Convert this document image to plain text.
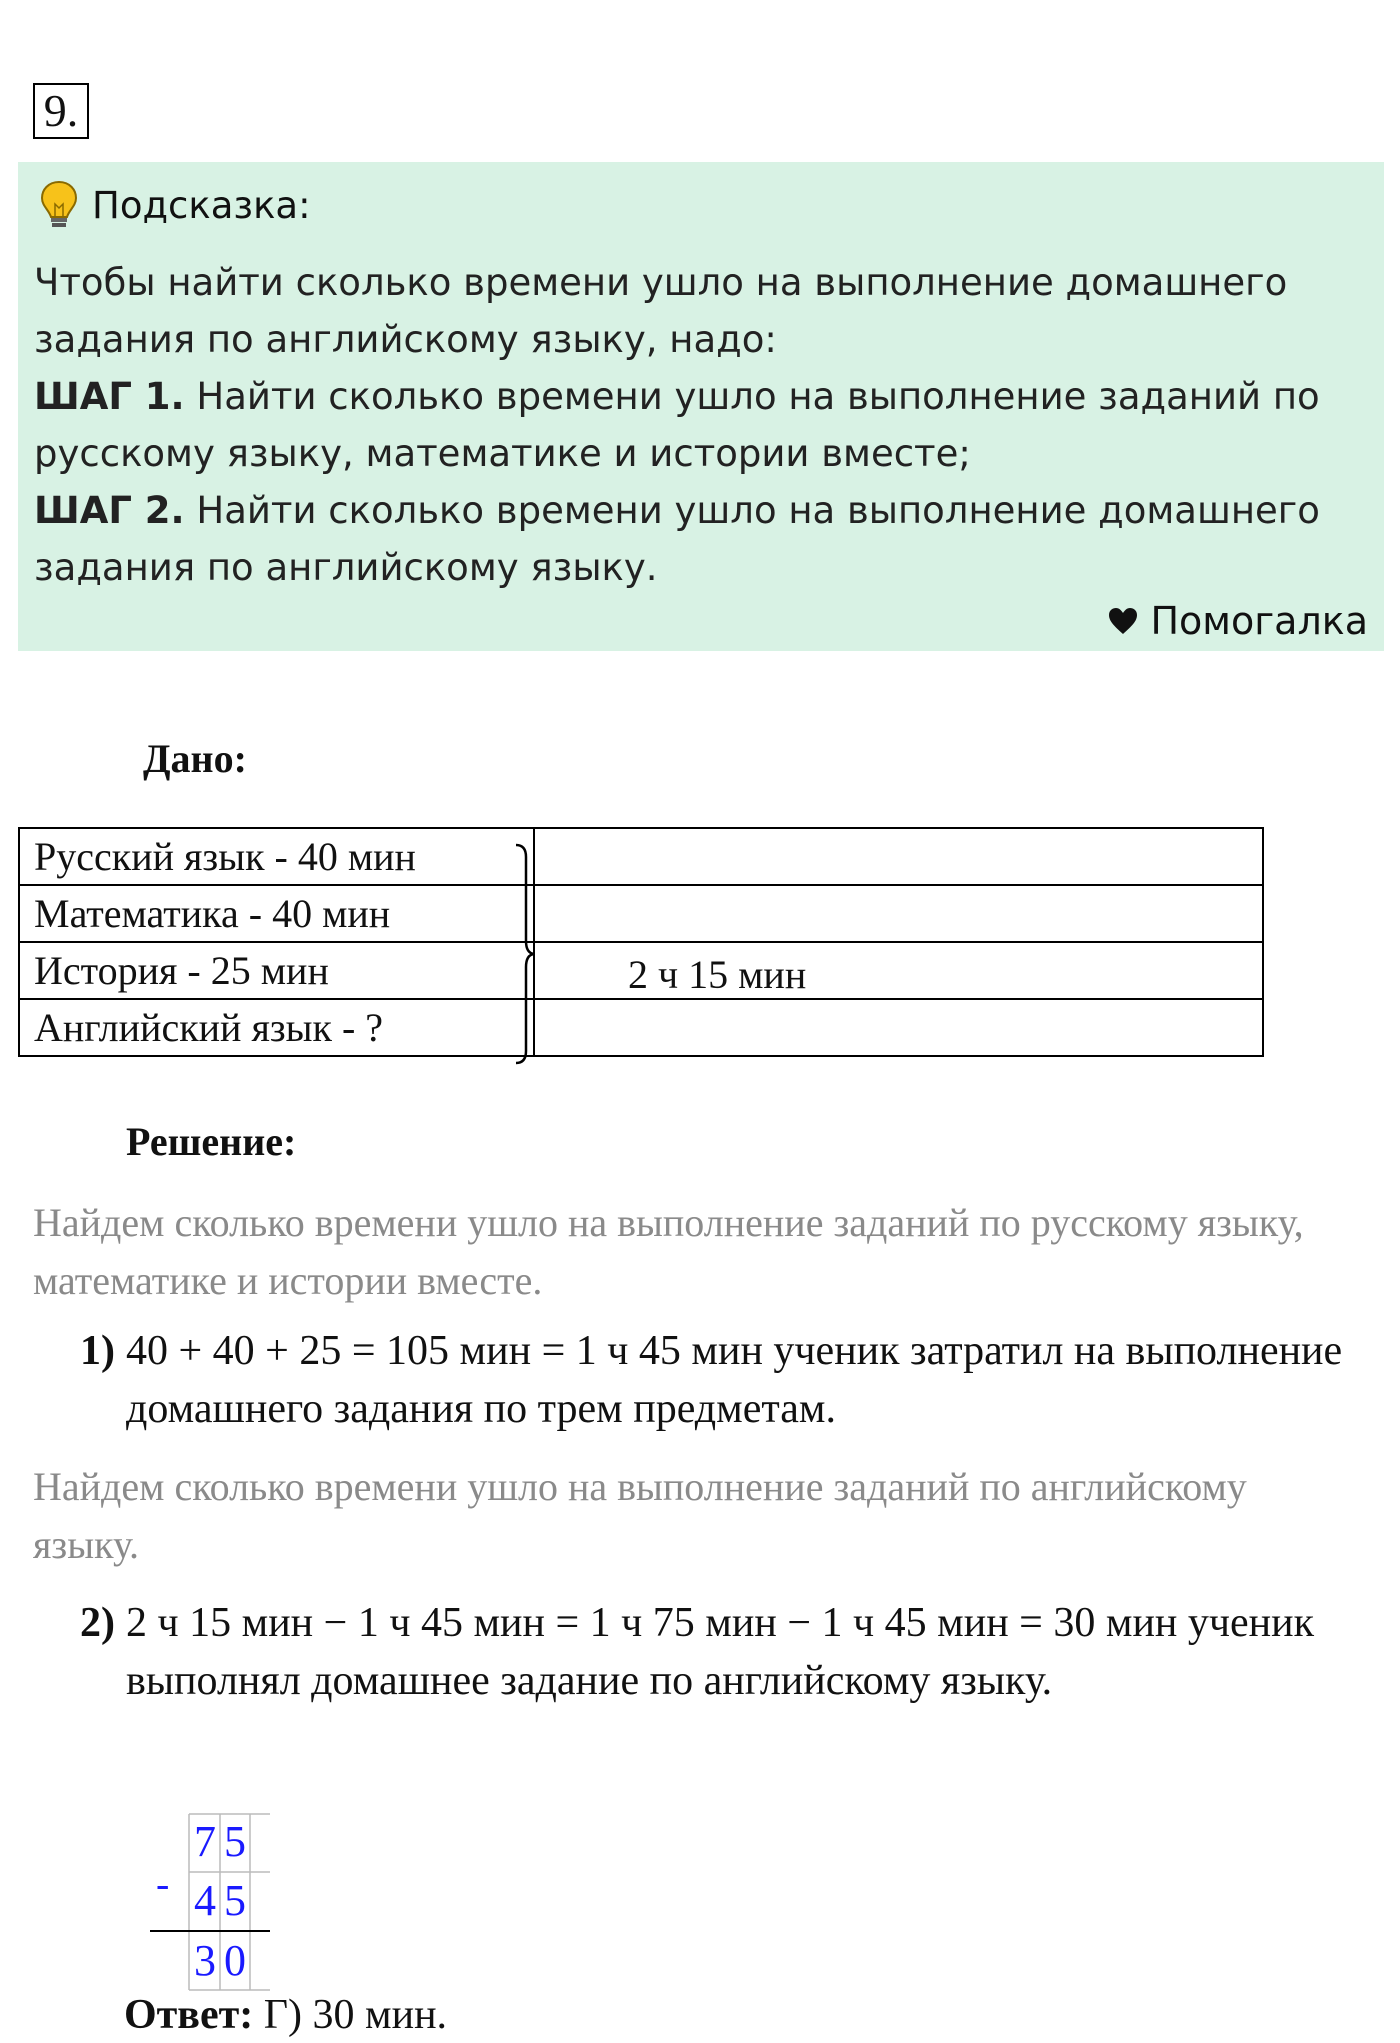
9.
Подсказка:
Чтобы найти сколько времени ушло на выполнение домашнего задания по английскому языку, надо:
ШАГ 1. Найти сколько времени ушло на выполнение заданий по русскому языку, математике и истории вместе;
ШАГ 2. Найти сколько времени ушло на выполнение домашнего задания по английскому языку.
Помогалка
Дано:
Русский язык - 40 мин	
Математика - 40 мин	
История - 25 мин	
Английский язык - ?	
2 ч 15 мин
Решение:
Найдем сколько времени ушло на выполнение заданий по русскому языку, математике и истории вместе.
1) 40 + 40 + 25 = 105 мин = 1 ч 45 мин ученик затратил на выполнение домашнего задания по трем предметам.
Найдем сколько времени ушло на выполнение заданий по английскому языку.
2) 2 ч 15 мин − 1 ч 45 мин = 1 ч 75 мин − 1 ч 45 мин = 30 мин ученик выполнял домашнее задание по английскому языку.
-
7 5
4 5
3 0
Ответ: Г) 30 мин.
